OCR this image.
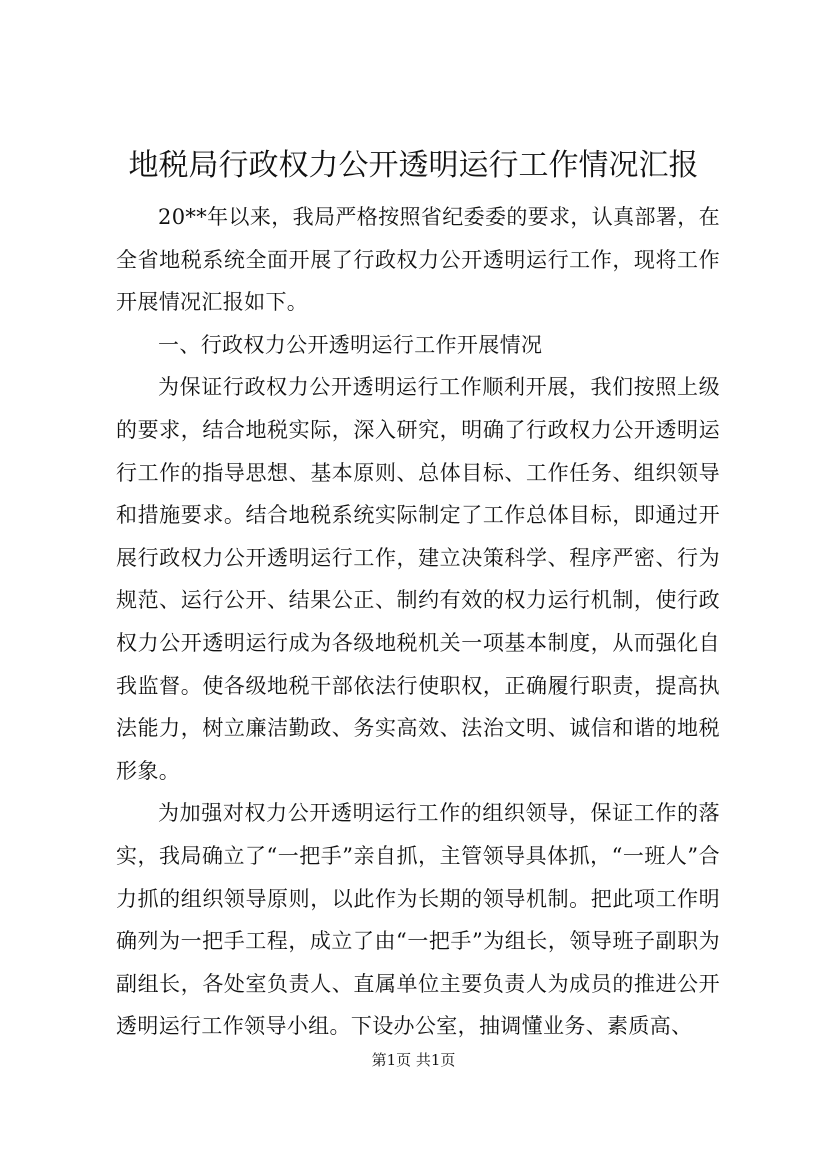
地税局行政权力公开透明运行工作情况汇报

20**年以来，我局严格按照省纪委委的要求，认真部署，在全省地税系统全面开展了行政权力公开透明运行工作，现将工作开展情况汇报如下。

一、行政权力公开透明运行工作开展情况

为保证行政权力公开透明运行工作顺利开展，我们按照上级的要求，结合地税实际，深入研究，明确了行政权力公开透明运行工作的指导思想、基本原则、总体目标、工作任务、组织领导和措施要求。结合地税系统实际制定了工作总体目标，即通过开展行政权力公开透明运行工作，建立决策科学、程序严密、行为规范、运行公开、结果公正、制约有效的权力运行机制，使行政权力公开透明运行成为各级地税机关一项基本制度，从而强化自我监督。使各级地税干部依法行使职权，正确履行职责，提高执法能力，树立廉洁勤政、务实高效、法治文明、诚信和谐的地税形象。

为加强对权力公开透明运行工作的组织领导，保证工作的落实，我局确立了“一把手”亲自抓，主管领导具体抓，“一班人”合力抓的组织领导原则，以此作为长期的领导机制。把此项工作明确列为一把手工程，成立了由“一把手”为组长，领导班子副职为副组长，各处室负责人、直属单位主要负责人为成员的推进公开透明运行工作领导小组。下设办公室，抽调懂业务、素质高、

第1页 共1页
